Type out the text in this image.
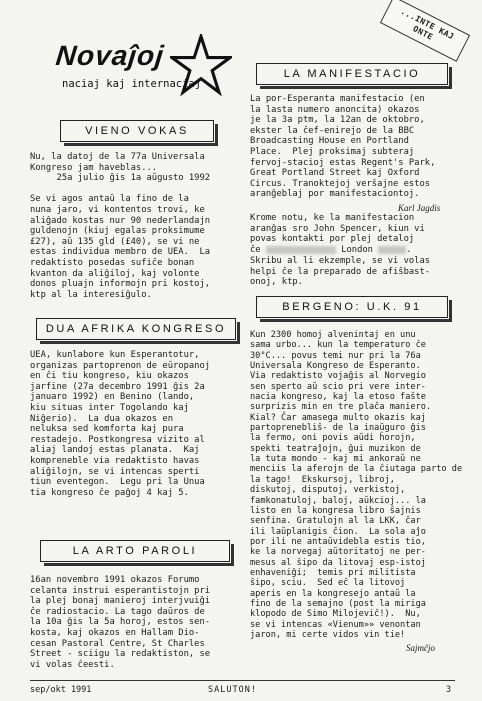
Novaĵoj
naciaj kaj internaciaj
...INTE KAJ ONTE
VIENO VOKAS
Nu, la datoj de la 77a Universala
Kongreso jam haveblas...
25a julio ĝis 1a aŭgusto 1992

Se vi agos antaŭ la fino de la
nuna jaro, vi kontentos trovi, ke
aliĝado kostas nur 90 nederlandajn
guldenojn (kiuj egalas proksimume
£27), aŭ 135 gld (£40), se vi ne
estas individua membro de UEA.  La
redaktisto posedas sufiĉe bonan
kvanton da aliĝiloj, kaj volonte
donos pluajn informojn pri kostoj,
ktp al la interesiĝulo.
DUA AFRIKA KONGRESO
UEA, kunlabore kun Esperantotur,
organizas partoprenon de eŭropanoj
en ĉi tiu kongreso, kiu okazos
jarfine (27a decembro 1991 ĝis 2a
januaro 1992) en Benino (lando,
kiu situas inter Togolando kaj
Niĝerio).  La dua okazos en
neluksa sed komforta kaj pura
restadejo. Postkongresa vizito al
aliaj landoj estas planata.  Kaj
kompreneble via redaktisto havas
aliĝilojn, se vi intencas sperti
tiun eventegon.  Legu pri la Unua
tia kongreso ĉe paĝoj 4 kaj 5.
LA ARTO PAROLI
16an novembro 1991 okazos Forumo
celanta instrui esperantistojn pri
la plej bonaj manieroj interjvuiĝi
ĉe radiostacio. La tago daŭros de
la 10a ĝis la 5a horoj, estos sen-
kosta, kaj okazos en Hallam Dio-
cesan Pastoral Centre, St Charles
Street - sciigu la redaktiston, se
vi volas ĉeesti.
LA MANIFESTACIO
La por-Esperanta manifestacio (en
la lasta numero anoncita) okazos
je la 3a ptm, la 12an de oktobro,
ekster la ĉef-enirejo de la BBC
Broadcasting House en Portland
Place.  Plej proksimaj subteraj
fervoj-stacioj estas Regent's Park,
Great Portland Street kaj Oxford
Circus. Tranoktejoj verŝajne estos
aranĝeblaj por manifestaciontoj.
Karl Jagdis
Krome notu, ke la manifestacion
aranĝas sro John Spencer, kiun vi
povas kontakti por plej detaloj
ĉe	London	.
Skribu al li ekzemple, se vi volas
helpi ĉe la preparado de afiŝbast-
onoj, ktp.
BERGENO: U.K. 91
Kun 2300 homoj alvenintaj en unu
sama urbo... kun la temperaturo ĉe
30°C... povus temi nur pri la 76a
Universala Kongreso de Esperanto.
Via redaktisto vojaĝis al Norvegio
sen sperto aŭ scio pri vere inter-
nacia kongreso, kaj la etoso faŝte
surprizis min en tre plaĉa maniero.
Kial? Ĉar amasega multo okazis kaj
partoprenebliŝ- de la inaŭguro ĝis
la fermo, oni povis aŭdi ĥorojn,
spekti teatraĵojn, ĝui muzikon de
la tuta mondo - kaj mi ankoraŭ ne
menciis la aferojn de la ĉiutaga parto de
la tago!  Ekskursoj, libroj,
diskutoj, disputoj, verkistoj,
famkonatuloj, baloj, aŭkcioj... la
listo en la kongresa libro ŝajnis
senfina. Gratulojn al la LKK, ĉar
ili laŭplanigis ĉion.  La sola aĵo
por ili ne antaŭvidebla estis tio,
ke la norvegaj aŭtoritatoj ne per-
mesus al ŝipo da litovaj esp-istoj
enhaveniĝi;  temis pri militista
ŝipo, sciu.  Sed eĉ la litovoj
aperis en la kongresejo antaŭ la
fino de la semajno (post la mirigа
klopodo de Simo Milojeviĉ!).  Nu,
se vi intencas «Vienum»» venontan
jaron, mi certe vidos vin tie!
Sajmĉjo
sep/okt 1991	SALUTON!	3
